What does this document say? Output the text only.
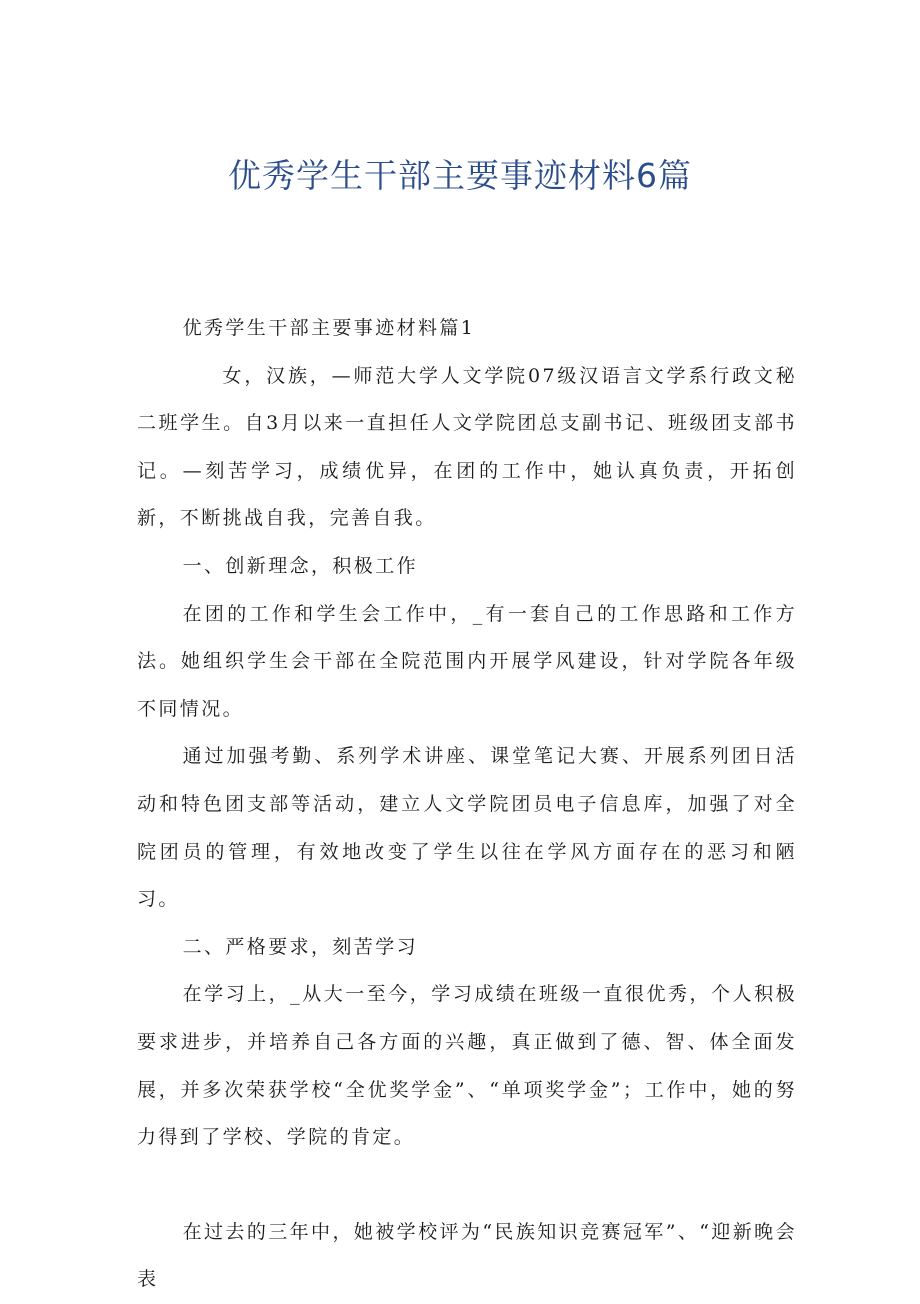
优秀学生干部主要事迹材料6篇

优秀学生干部主要事迹材料篇1

女，汉族，—师范大学人文学院07级汉语言文学系行政文秘二班学生。自3月以来一直担任人文学院团总支副书记、班级团支部书记。—刻苦学习，成绩优异，在团的工作中，她认真负责，开拓创新，不断挑战自我，完善自我。

一、创新理念，积极工作

在团的工作和学生会工作中，_有一套自己的工作思路和工作方法。她组织学生会干部在全院范围内开展学风建设，针对学院各年级不同情况。

通过加强考勤、系列学术讲座、课堂笔记大赛、开展系列团日活动和特色团支部等活动，建立人文学院团员电子信息库，加强了对全院团员的管理，有效地改变了学生以往在学风方面存在的恶习和陋习。

二、严格要求，刻苦学习

在学习上，_从大一至今，学习成绩在班级一直很优秀，个人积极要求进步，并培养自己各方面的兴趣，真正做到了德、智、体全面发展，并多次荣获学校“全优奖学金”、“单项奖学金”；工作中，她的努力得到了学校、学院的肯定。

在过去的三年中，她被学校评为“民族知识竞赛冠军”、“迎新晚会表
